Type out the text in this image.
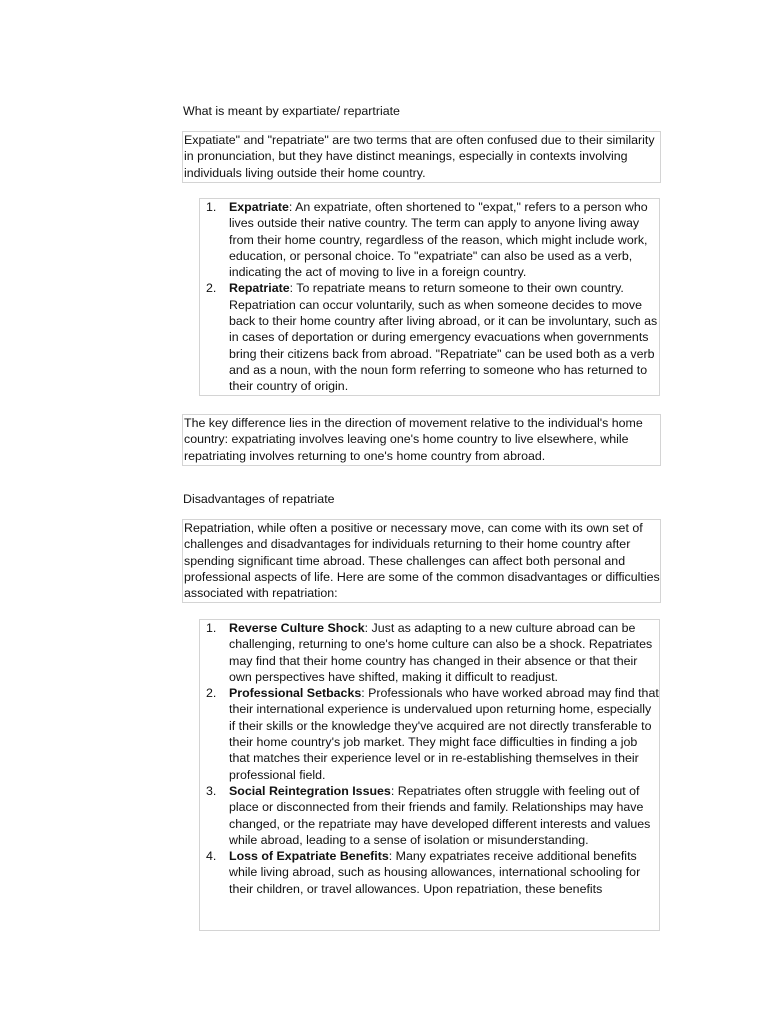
What is meant by expartiate/ repartriate

Expatiate" and "repatriate" are two terms that are often confused due to their similarity in pronunciation, but they have distinct meanings, especially in contexts involving individuals living outside their home country.

1. Expatriate: An expatriate, often shortened to "expat," refers to a person who lives outside their native country. The term can apply to anyone living away from their home country, regardless of the reason, which might include work, education, or personal choice. To "expatriate" can also be used as a verb, indicating the act of moving to live in a foreign country.
2. Repatriate: To repatriate means to return someone to their own country. Repatriation can occur voluntarily, such as when someone decides to move back to their home country after living abroad, or it can be involuntary, such as in cases of deportation or during emergency evacuations when governments bring their citizens back from abroad. "Repatriate" can be used both as a verb and as a noun, with the noun form referring to someone who has returned to their country of origin.

The key difference lies in the direction of movement relative to the individual's home country: expatriating involves leaving one's home country to live elsewhere, while repatriating involves returning to one's home country from abroad.

Disadvantages of repatriate

Repatriation, while often a positive or necessary move, can come with its own set of challenges and disadvantages for individuals returning to their home country after spending significant time abroad. These challenges can affect both personal and professional aspects of life. Here are some of the common disadvantages or difficulties associated with repatriation:

1. Reverse Culture Shock: Just as adapting to a new culture abroad can be challenging, returning to one's home culture can also be a shock. Repatriates may find that their home country has changed in their absence or that their own perspectives have shifted, making it difficult to readjust.
2. Professional Setbacks: Professionals who have worked abroad may find that their international experience is undervalued upon returning home, especially if their skills or the knowledge they've acquired are not directly transferable to their home country's job market. They might face difficulties in finding a job that matches their experience level or in re-establishing themselves in their professional field.
3. Social Reintegration Issues: Repatriates often struggle with feeling out of place or disconnected from their friends and family. Relationships may have changed, or the repatriate may have developed different interests and values while abroad, leading to a sense of isolation or misunderstanding.
4. Loss of Expatriate Benefits: Many expatriates receive additional benefits while living abroad, such as housing allowances, international schooling for their children, or travel allowances. Upon repatriation, these benefits
